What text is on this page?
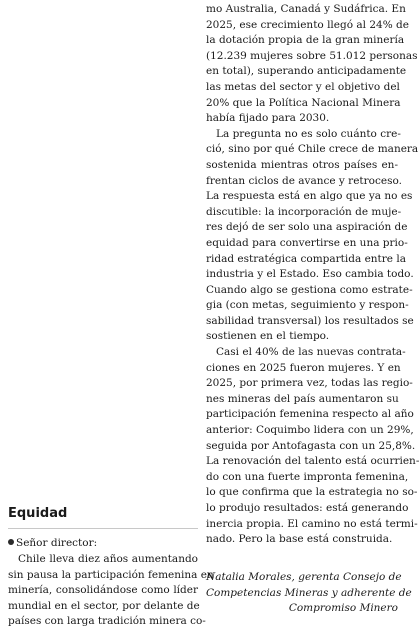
Equidad
Señor director:
Chile lleva diez años aumentando
sin pausa la participación femenina en
minería, consolidándose como líder
mundial en el sector, por delante de
países con larga tradición minera co-
mo Australia, Canadá y Sudáfrica. En
2025, ese crecimiento llegó al 24% de
la dotación propia de la gran minería
(12.239 mujeres sobre 51.012 personas
en total), superando anticipadamente
las metas del sector y el objetivo del
20% que la Política Nacional Minera
había fijado para 2030.
La pregunta no es solo cuánto cre-
ció, sino por qué Chile crece de manera
sostenida mientras otros países en-
frentan ciclos de avance y retroceso.
La respuesta está en algo que ya no es
discutible: la incorporación de muje-
res dejó de ser solo una aspiración de
equidad para convertirse en una prio-
ridad estratégica compartida entre la
industria y el Estado. Eso cambia todo.
Cuando algo se gestiona como estrate-
gia (con metas, seguimiento y respon-
sabilidad transversal) los resultados se
sostienen en el tiempo.
Casi el 40% de las nuevas contrata-
ciones en 2025 fueron mujeres. Y en
2025, por primera vez, todas las regio-
nes mineras del país aumentaron su
participación femenina respecto al año
anterior: Coquimbo lidera con un 29%,
seguida por Antofagasta con un 25,8%.
La renovación del talento está ocurrien-
do con una fuerte impronta femenina,
lo que confirma que la estrategia no so-
lo produjo resultados: está generando
inercia propia. El camino no está termi-
nado. Pero la base está construida.
Natalia Morales, gerenta Consejo de
Competencias Mineras y adherente de
Compromiso Minero
